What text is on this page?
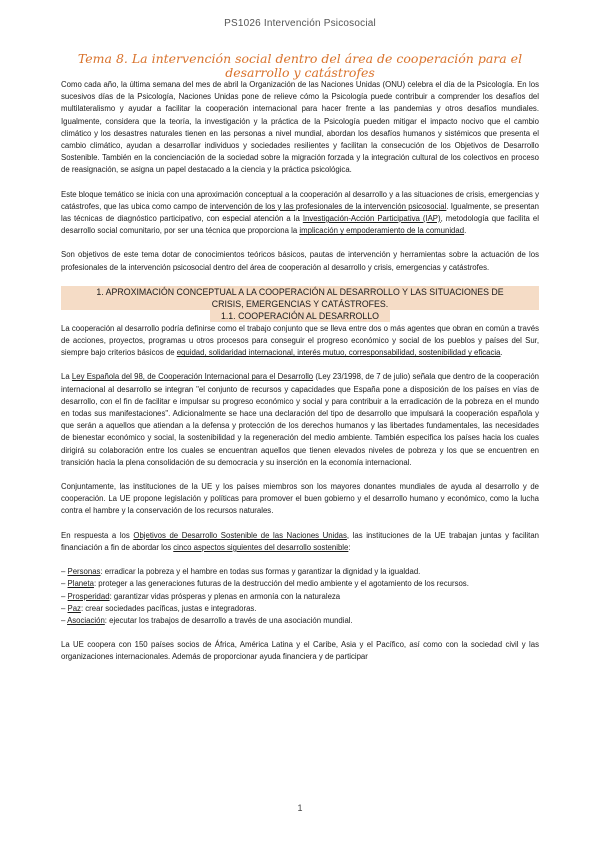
PS1026 Intervención Psicosocial
Tema 8. La intervención social dentro del área de cooperación para el
desarrollo y catástrofes

Como cada año, la última semana del mes de abril la Organización de las Naciones Unidas (ONU) celebra el día de la Psicología. En los sucesivos días de la Psicología, Naciones Unidas pone de relieve cómo la Psicología puede contribuir a comprender los desafíos del multilateralismo y ayudar a facilitar la cooperación internacional para hacer frente a las pandemias y otros desafíos mundiales. Igualmente, considera que la teoría, la investigación y la práctica de la Psicología pueden mitigar el impacto nocivo que el cambio climático y los desastres naturales tienen en las personas a nivel mundial, abordan los desafíos humanos y sistémicos que presenta el cambio climático, ayudan a desarrollar individuos y sociedades resilientes y facilitan la consecución de los Objetivos de Desarrollo Sostenible. También en la concienciación de la sociedad sobre la migración forzada y la integración cultural de los colectivos en proceso de reasignación, se asigna un papel destacado a la ciencia y la práctica psicológica.

Este bloque temático se inicia con una aproximación conceptual a la cooperación al desarrollo y a las situaciones de crisis, emergencias y catástrofes, que las ubica como campo de intervención de los y las profesionales de la intervención psicosocial. Igualmente, se presentan las técnicas de diagnóstico participativo, con especial atención a la Investigación-Acción Participativa (IAP), metodología que facilita el desarrollo social comunitario, por ser una técnica que proporciona la implicación y empoderamiento de la comunidad.

Son objetivos de este tema dotar de conocimientos teóricos básicos, pautas de intervención y herramientas sobre la actuación de los profesionales de la intervención psicosocial dentro del área de cooperación al desarrollo y crisis, emergencias y catástrofes.

1. APROXIMACIÓN CONCEPTUAL A LA COOPERACIÓN AL DESARROLLO Y LAS SITUACIONES DE
CRISIS, EMERGENCIAS Y CATÁSTROFES.
1.1. COOPERACIÓN AL DESARROLLO

La cooperación al desarrollo podría definirse como el trabajo conjunto que se lleva entre dos o más agentes que obran en común a través de acciones, proyectos, programas u otros procesos para conseguir el progreso económico y social de los pueblos y países del Sur, siempre bajo criterios básicos de equidad, solidaridad internacional, interés mutuo, corresponsabilidad, sostenibilidad y eficacia.

La Ley Española del 98, de Cooperación Internacional para el Desarrollo (Ley 23/1998, de 7 de julio) señala que dentro de la cooperación internacional al desarrollo se integran "el conjunto de recursos y capacidades que España pone a disposición de los países en vías de desarrollo, con el fin de facilitar e impulsar su progreso económico y social y para contribuir a la erradicación de la pobreza en el mundo en todas sus manifestaciones". Adicionalmente se hace una declaración del tipo de desarrollo que impulsará la cooperación española y que serán a aquellos que atiendan a la defensa y protección de los derechos humanos y las libertades fundamentales, las necesidades de bienestar económico y social, la sostenibilidad y la regeneración del medio ambiente. También especifica los países hacia los cuales dirigirá su colaboración entre los cuales se encuentran aquellos que tienen elevados niveles de pobreza y los que se encuentren en transición hacia la plena consolidación de su democracia y su inserción en la economía internacional.

Conjuntamente, las instituciones de la UE y los países miembros son los mayores donantes mundiales de ayuda al desarrollo y de cooperación. La UE propone legislación y políticas para promover el buen gobierno y el desarrollo humano y económico, como la lucha contra el hambre y la conservación de los recursos naturales.

En respuesta a los Objetivos de Desarrollo Sostenible de las Naciones Unidas, las instituciones de la UE trabajan juntas y facilitan financiación a fin de abordar los cinco aspectos siguientes del desarrollo sostenible:

– Personas: erradicar la pobreza y el hambre en todas sus formas y garantizar la dignidad y la igualdad.

– Planeta: proteger a las generaciones futuras de la destrucción del medio ambiente y el agotamiento de los recursos.

– Prosperidad: garantizar vidas prósperas y plenas en armonía con la naturaleza

– Paz: crear sociedades pacíficas, justas e integradoras.

– Asociación: ejecutar los trabajos de desarrollo a través de una asociación mundial.

La UE coopera con 150 países socios de África, América Latina y el Caribe, Asia y el Pacífico, así como con la sociedad civil y las organizaciones internacionales. Además de proporcionar ayuda financiera y de participar

1
